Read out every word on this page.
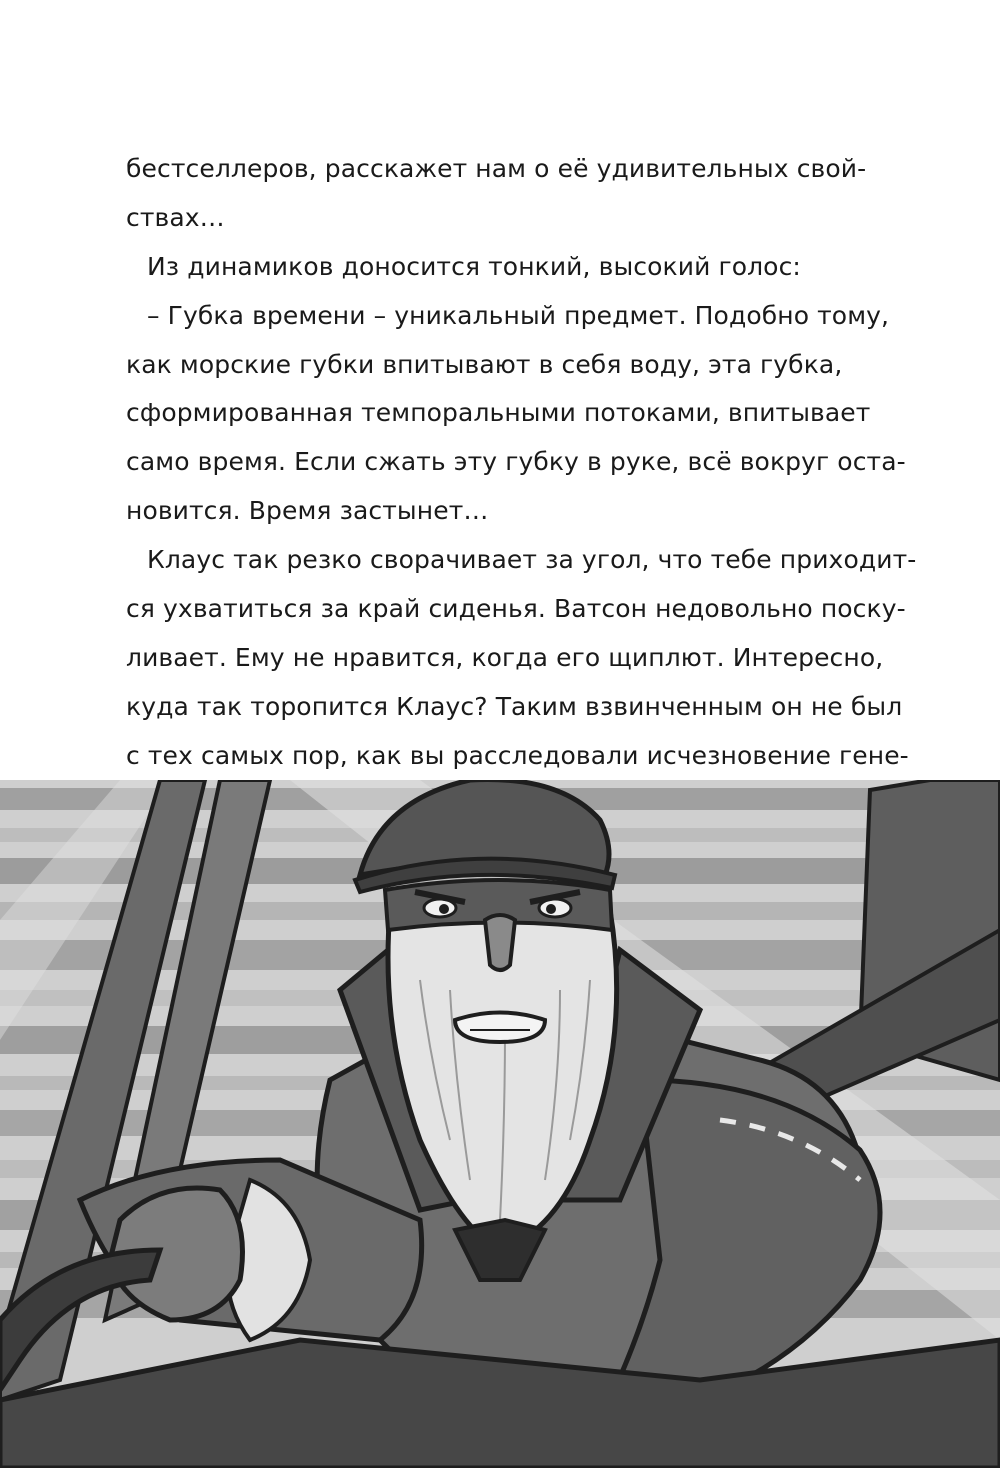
бестселлеров, расскажет нам о её удивительных свой-
ствах…
Из динамиков доносится тонкий, высокий голос:
– Губка времени – уникальный предмет. Подобно тому,
как морские губки впитывают в себя воду, эта губка,
сформированная темпоральными потоками, впитывает
само время. Если сжать эту губку в руке, всё вокруг оста-
новится. Время застынет…
Клаус так резко сворачивает за угол, что тебе приходит-
ся ухватиться за край сиденья. Ватсон недовольно поску-
ливает. Ему не нравится, когда его щиплют. Интересно,
куда так торопится Клаус? Таким взвинченным он не был
с тех самых пор, как вы расследовали исчезновение гене-
